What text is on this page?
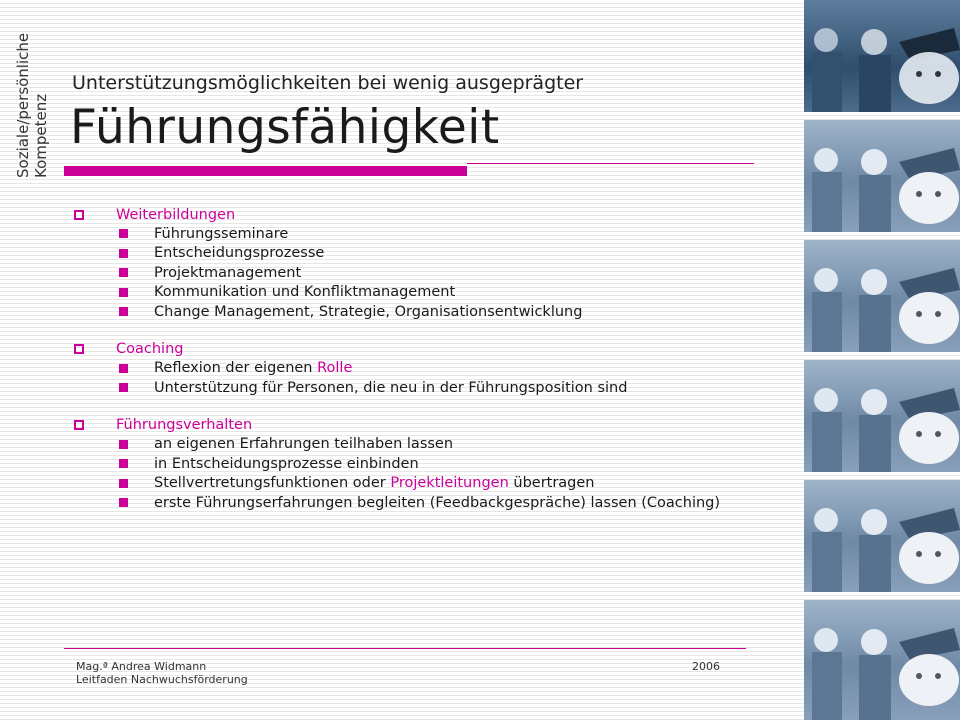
Soziale/persönliche Kompetenz
Unterstützungsmöglichkeiten bei wenig ausgeprägter
Führungsfähigkeit
Weiterbildungen
Führungsseminare
Entscheidungsprozesse
Projektmanagement
Kommunikation und Konfliktmanagement
Change Management, Strategie, Organisationsentwicklung
Coaching
Reflexion der eigenen Rolle
Unterstützung für Personen, die neu in der Führungsposition sind
Führungsverhalten
an eigenen Erfahrungen teilhaben lassen
in Entscheidungsprozesse einbinden
Stellvertretungsfunktionen oder Projektleitungen übertragen
erste Führungserfahrungen begleiten (Feedbackgespräche) lassen (Coaching)
Mag.ª Andrea Widmann
Leitfaden Nachwuchsförderung
2006
